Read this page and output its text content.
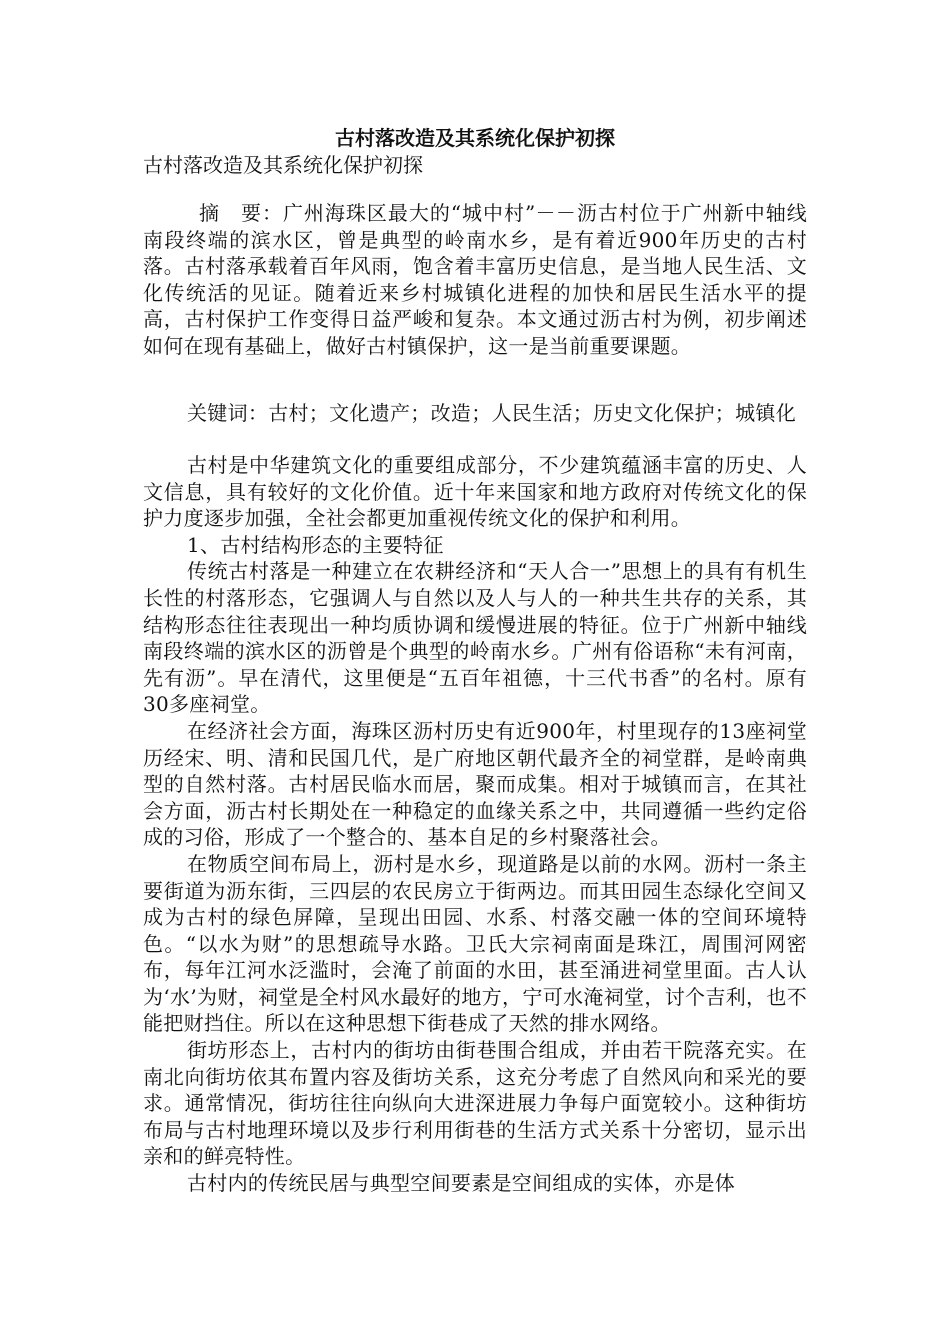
古村落改造及其系统化保护初探
古村落改造及其系统化保护初探

摘　要：广州海珠区最大的“城中村”－－沥古村位于广州新中轴线南段终端的滨水区，曾是典型的岭南水乡，是有着近900年历史的古村落。古村落承载着百年风雨，饱含着丰富历史信息，是当地人民生活、文化传统活的见证。随着近来乡村城镇化进程的加快和居民生活水平的提高，古村保护工作变得日益严峻和复杂。本文通过沥古村为例，初步阐述如何在现有基础上，做好古村镇保护，这一是当前重要课题。

关键词：古村；文化遗产；改造；人民生活；历史文化保护；城镇化

古村是中华建筑文化的重要组成部分，不少建筑蕴涵丰富的历史、人文信息，具有较好的文化价值。近十年来国家和地方政府对传统文化的保护力度逐步加强，全社会都更加重视传统文化的保护和利用。

1、古村结构形态的主要特征

传统古村落是一种建立在农耕经济和“天人合一”思想上的具有有机生长性的村落形态，它强调人与自然以及人与人的一种共生共存的关系，其结构形态往往表现出一种均质协调和缓慢进展的特征。位于广州新中轴线南段终端的滨水区的沥曾是个典型的岭南水乡。广州有俗语称“未有河南，先有沥”。早在清代，这里便是“五百年祖德，十三代书香”的名村。原有30多座祠堂。

在经济社会方面，海珠区沥村历史有近900年，村里现存的13座祠堂历经宋、明、清和民国几代，是广府地区朝代最齐全的祠堂群，是岭南典型的自然村落。古村居民临水而居，聚而成集。相对于城镇而言，在其社会方面，沥古村长期处在一种稳定的血缘关系之中，共同遵循一些约定俗成的习俗，形成了一个整合的、基本自足的乡村聚落社会。

在物质空间布局上，沥村是水乡，现道路是以前的水网。沥村一条主要街道为沥东街，三四层的农民房立于街两边。而其田园生态绿化空间又成为古村的绿色屏障，呈现出田园、水系、村落交融一体的空间环境特色。“以水为财”的思想疏导水路。卫氏大宗祠南面是珠江，周围河网密布，每年江河水泛滥时，会淹了前面的水田，甚至涌进祠堂里面。古人认为‘水’为财，祠堂是全村风水最好的地方，宁可水淹祠堂，讨个吉利，也不能把财挡住。所以在这种思想下街巷成了天然的排水网络。

街坊形态上，古村内的街坊由街巷围合组成，并由若干院落充实。在南北向街坊依其布置内容及街坊关系，这充分考虑了自然风向和采光的要求。通常情况，街坊往往向纵向大进深进展力争每户面宽较小。这种街坊布局与古村地理环境以及步行利用街巷的生活方式关系十分密切，显示出亲和的鲜亮特性。

古村内的传统民居与典型空间要素是空间组成的实体，亦是体
